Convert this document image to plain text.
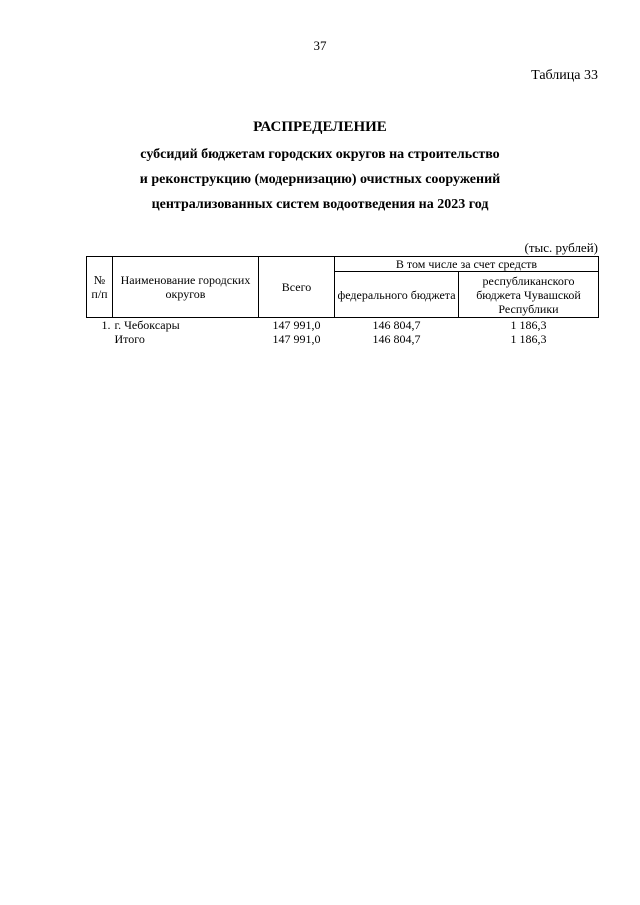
37
Таблица 33
РАСПРЕДЕЛЕНИЕ
субсидий бюджетам городских округов на строительство
и реконструкцию (модернизацию) очистных сооружений
централизованных систем водоотведения на 2023 год
(тыс. рублей)
№ п/п	Наименование городских округов	Всего	В том числе за счет средств	
			федерального бюджета	республиканского бюджета Чувашской Республики
1.	г. Чебоксары	147 991,0	146 804,7	1 186,3
	Итого	147 991,0	146 804,7	1 186,3
